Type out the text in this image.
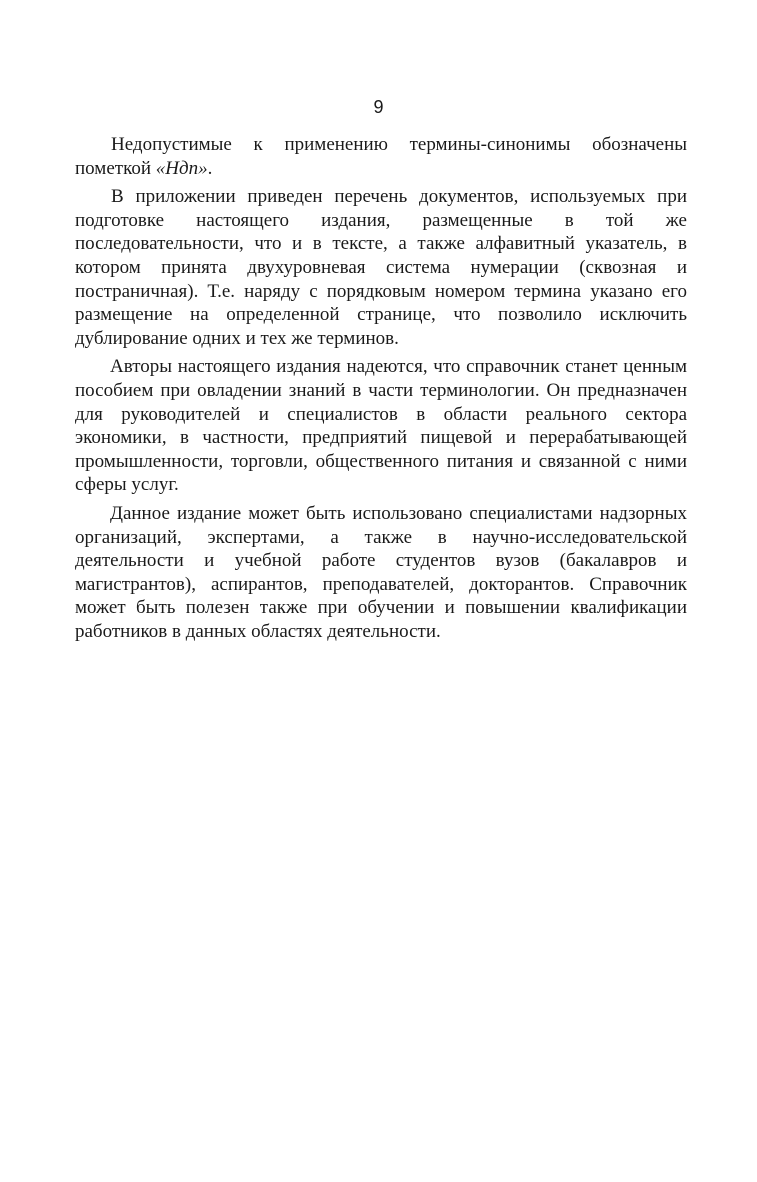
9

Недопустимые к применению термины-синонимы обозначены пометкой «Ндп».

В приложении приведен перечень документов, используемых при подготовке настоящего издания, размещенные в той же последовательности, что и в тексте, а также алфавитный указатель, в котором принята двухуровневая система нумерации (сквозная и постраничная). Т.е. наряду с порядковым номером термина указано его размещение на определенной странице, что позволило исключить дублирование одних и тех же терминов.

Авторы настоящего издания надеются, что справочник станет ценным пособием при овладении знаний в части терминологии. Он предназначен для руководителей и специалистов в области реального сектора экономики, в частности, предприятий пищевой и перерабатывающей промышленности, торговли, общественного питания и связанной с ними сферы услуг.

Данное издание может быть использовано специалистами надзорных организаций, экспертами, а также в научно-исследовательской деятельности и учебной работе студентов вузов (бакалавров и магистрантов), аспирантов, преподавателей, докторантов. Справочник может быть полезен также при обучении и повышении квалификации работников в данных областях деятельности.
